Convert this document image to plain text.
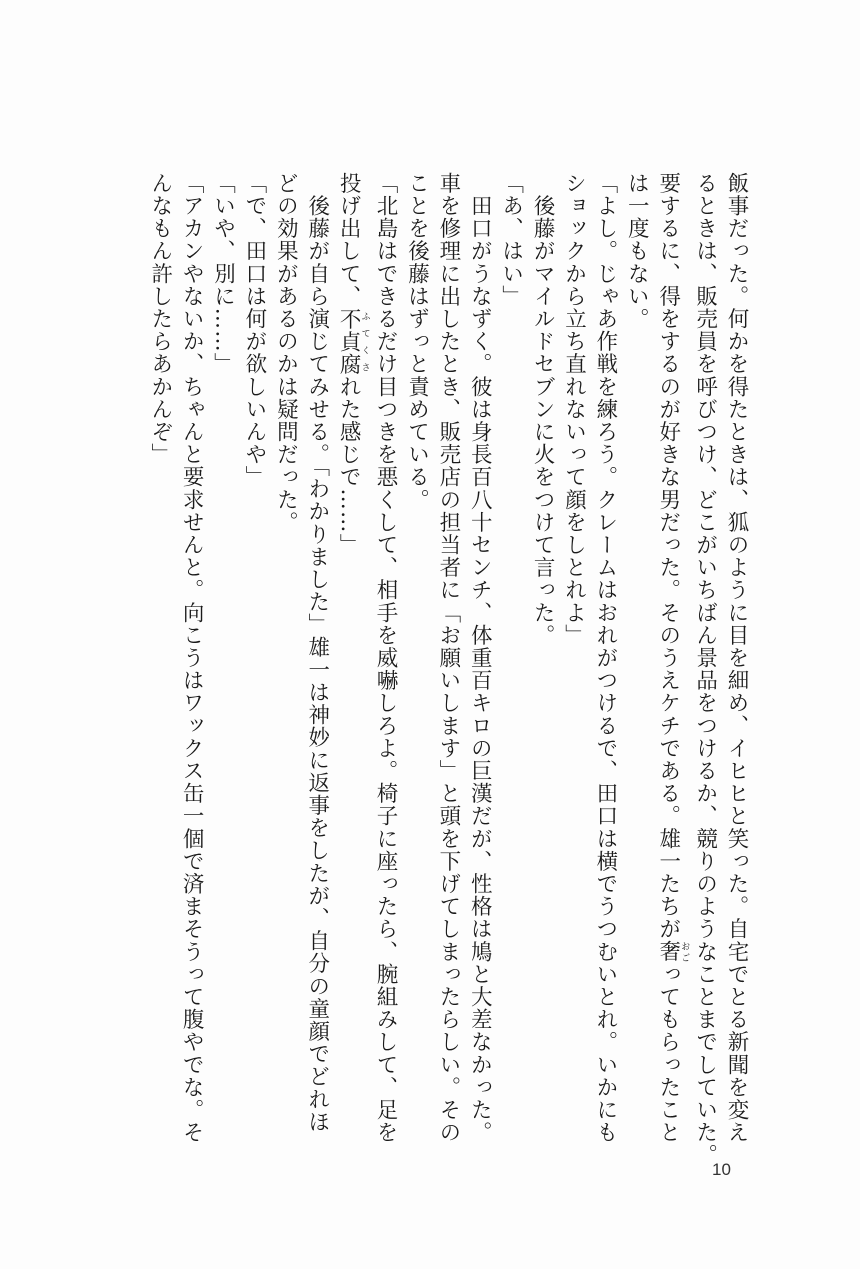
飯事だった。何かを得たときは、狐のように目を細め、イヒヒと笑った。自宅でとる新聞を変え
るときは、販売員を呼びつけ、どこがいちばん景品をつけるか、競りのようなことまでしていた。
要するに、得をするのが好きな男だった。そのうえケチである。雄一たちが奢おごってもらったこと
は一度もない。
「よし。じゃあ作戦を練ろう。クレームはおれがつけるで、田口は横でうつむいとれ。いかにも
ショックから立ち直れないって顔をしとれよ」
　後藤がマイルドセブンに火をつけて言った。
「あ、はい」
　田口がうなずく。彼は身長百八十センチ、体重百キロの巨漢だが、性格は鳩と大差なかった。
車を修理に出したとき、販売店の担当者に「お願いします」と頭を下げてしまったらしい。その
ことを後藤はずっと責めている。
「北島はできるだけ目つきを悪くして、相手を威嚇しろよ。椅子に座ったら、腕組みして、足を
投げ出して、不貞腐ふてくされた感じで……」
　後藤が自ら演じてみせる。「わかりました」雄一は神妙に返事をしたが、自分の童顔でどれほ
どの効果があるのかは疑問だった。
「で、田口は何が欲しいんや」
「いや、別に……」
「アカンやないか、ちゃんと要求せんと。向こうはワックス缶一個で済まそうって腹やでな。そ
んなもん許したらあかんぞ」
10
